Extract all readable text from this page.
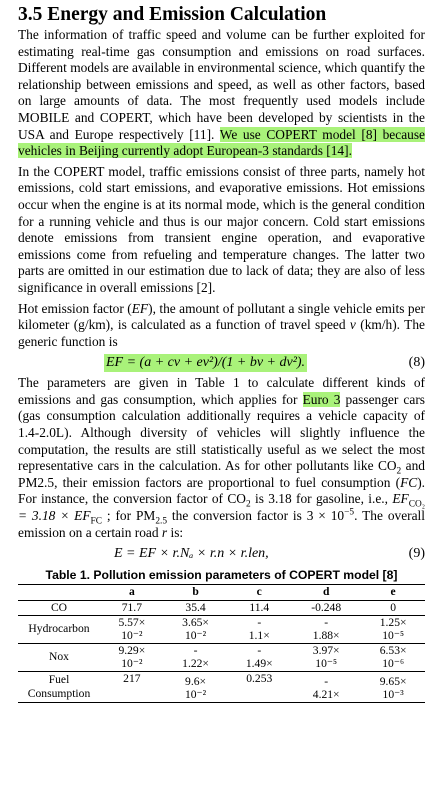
3.5 Energy and Emission Calculation

The information of traffic speed and volume can be further exploited for estimating real-time gas consumption and emissions on road surfaces. Different models are available in environmental science, which quantify the relationship between emissions and speed, as well as other factors, based on large amounts of data. The most frequently used models include MOBILE and COPERT, which have been developed by scientists in the USA and Europe respectively [11]. We use COPERT model [8] because vehicles in Beijing currently adopt European-3 standards [14].

In the COPERT model, traffic emissions consist of three parts, namely hot emissions, cold start emissions, and evaporative emissions. Hot emissions occur when the engine is at its normal mode, which is the general condition for a running vehicle and thus is our major concern. Cold start emissions denote emissions from transient engine operation, and evaporative emissions come from refueling and temperature changes. The latter two parts are omitted in our estimation due to lack of data; they are also of less significance in overall emissions [2].

Hot emission factor (EF), the amount of pollutant a single vehicle emits per kilometer (g/km), is calculated as a function of travel speed v (km/h). The generic function is

EF = (a + cv + ev²)/(1 + bv + dv²).	(8)

The parameters are given in Table 1 to calculate different kinds of emissions and gas consumption, which applies for Euro 3 passenger cars (gas consumption calculation additionally requires a vehicle capacity of 1.4-2.0L). Although diversity of vehicles will slightly influence the computation, the results are still statistically useful as we select the most representative cars in the calculation. As for other pollutants like $CO_2$ and PM2.5, their emission factors are proportional to fuel consumption (FC). For instance, the conversion factor of $CO_2$ is 3.18 for gasoline, i.e., $EF_{CO_2} = 3.18 \times EF_{FC}$ ; for $PM_{2.5}$ the conversion factor is $3 \times 10^{-5}$. The overall emission on a certain road r is:

E = EF × r.Nₐ × r.n × r.len,	(9)
Table 1. Pollution emission parameters of COPERT model [8]
	a	b	c	d	e
CO	71.7	35.4	11.4	-0.248	0

Hydrocarbon	5.57×
10⁻²	3.65×
10⁻²	-
1.1×	-
1.88×	1.25×
10⁻⁵

Nox	9.29×
10⁻²	-
1.22×	-
1.49×	3.97×
10⁻⁵	6.53×
10⁻⁶

Fuel Consumption	217	9.6×
10⁻²	0.253	-
4.21×	9.65×
10⁻³
